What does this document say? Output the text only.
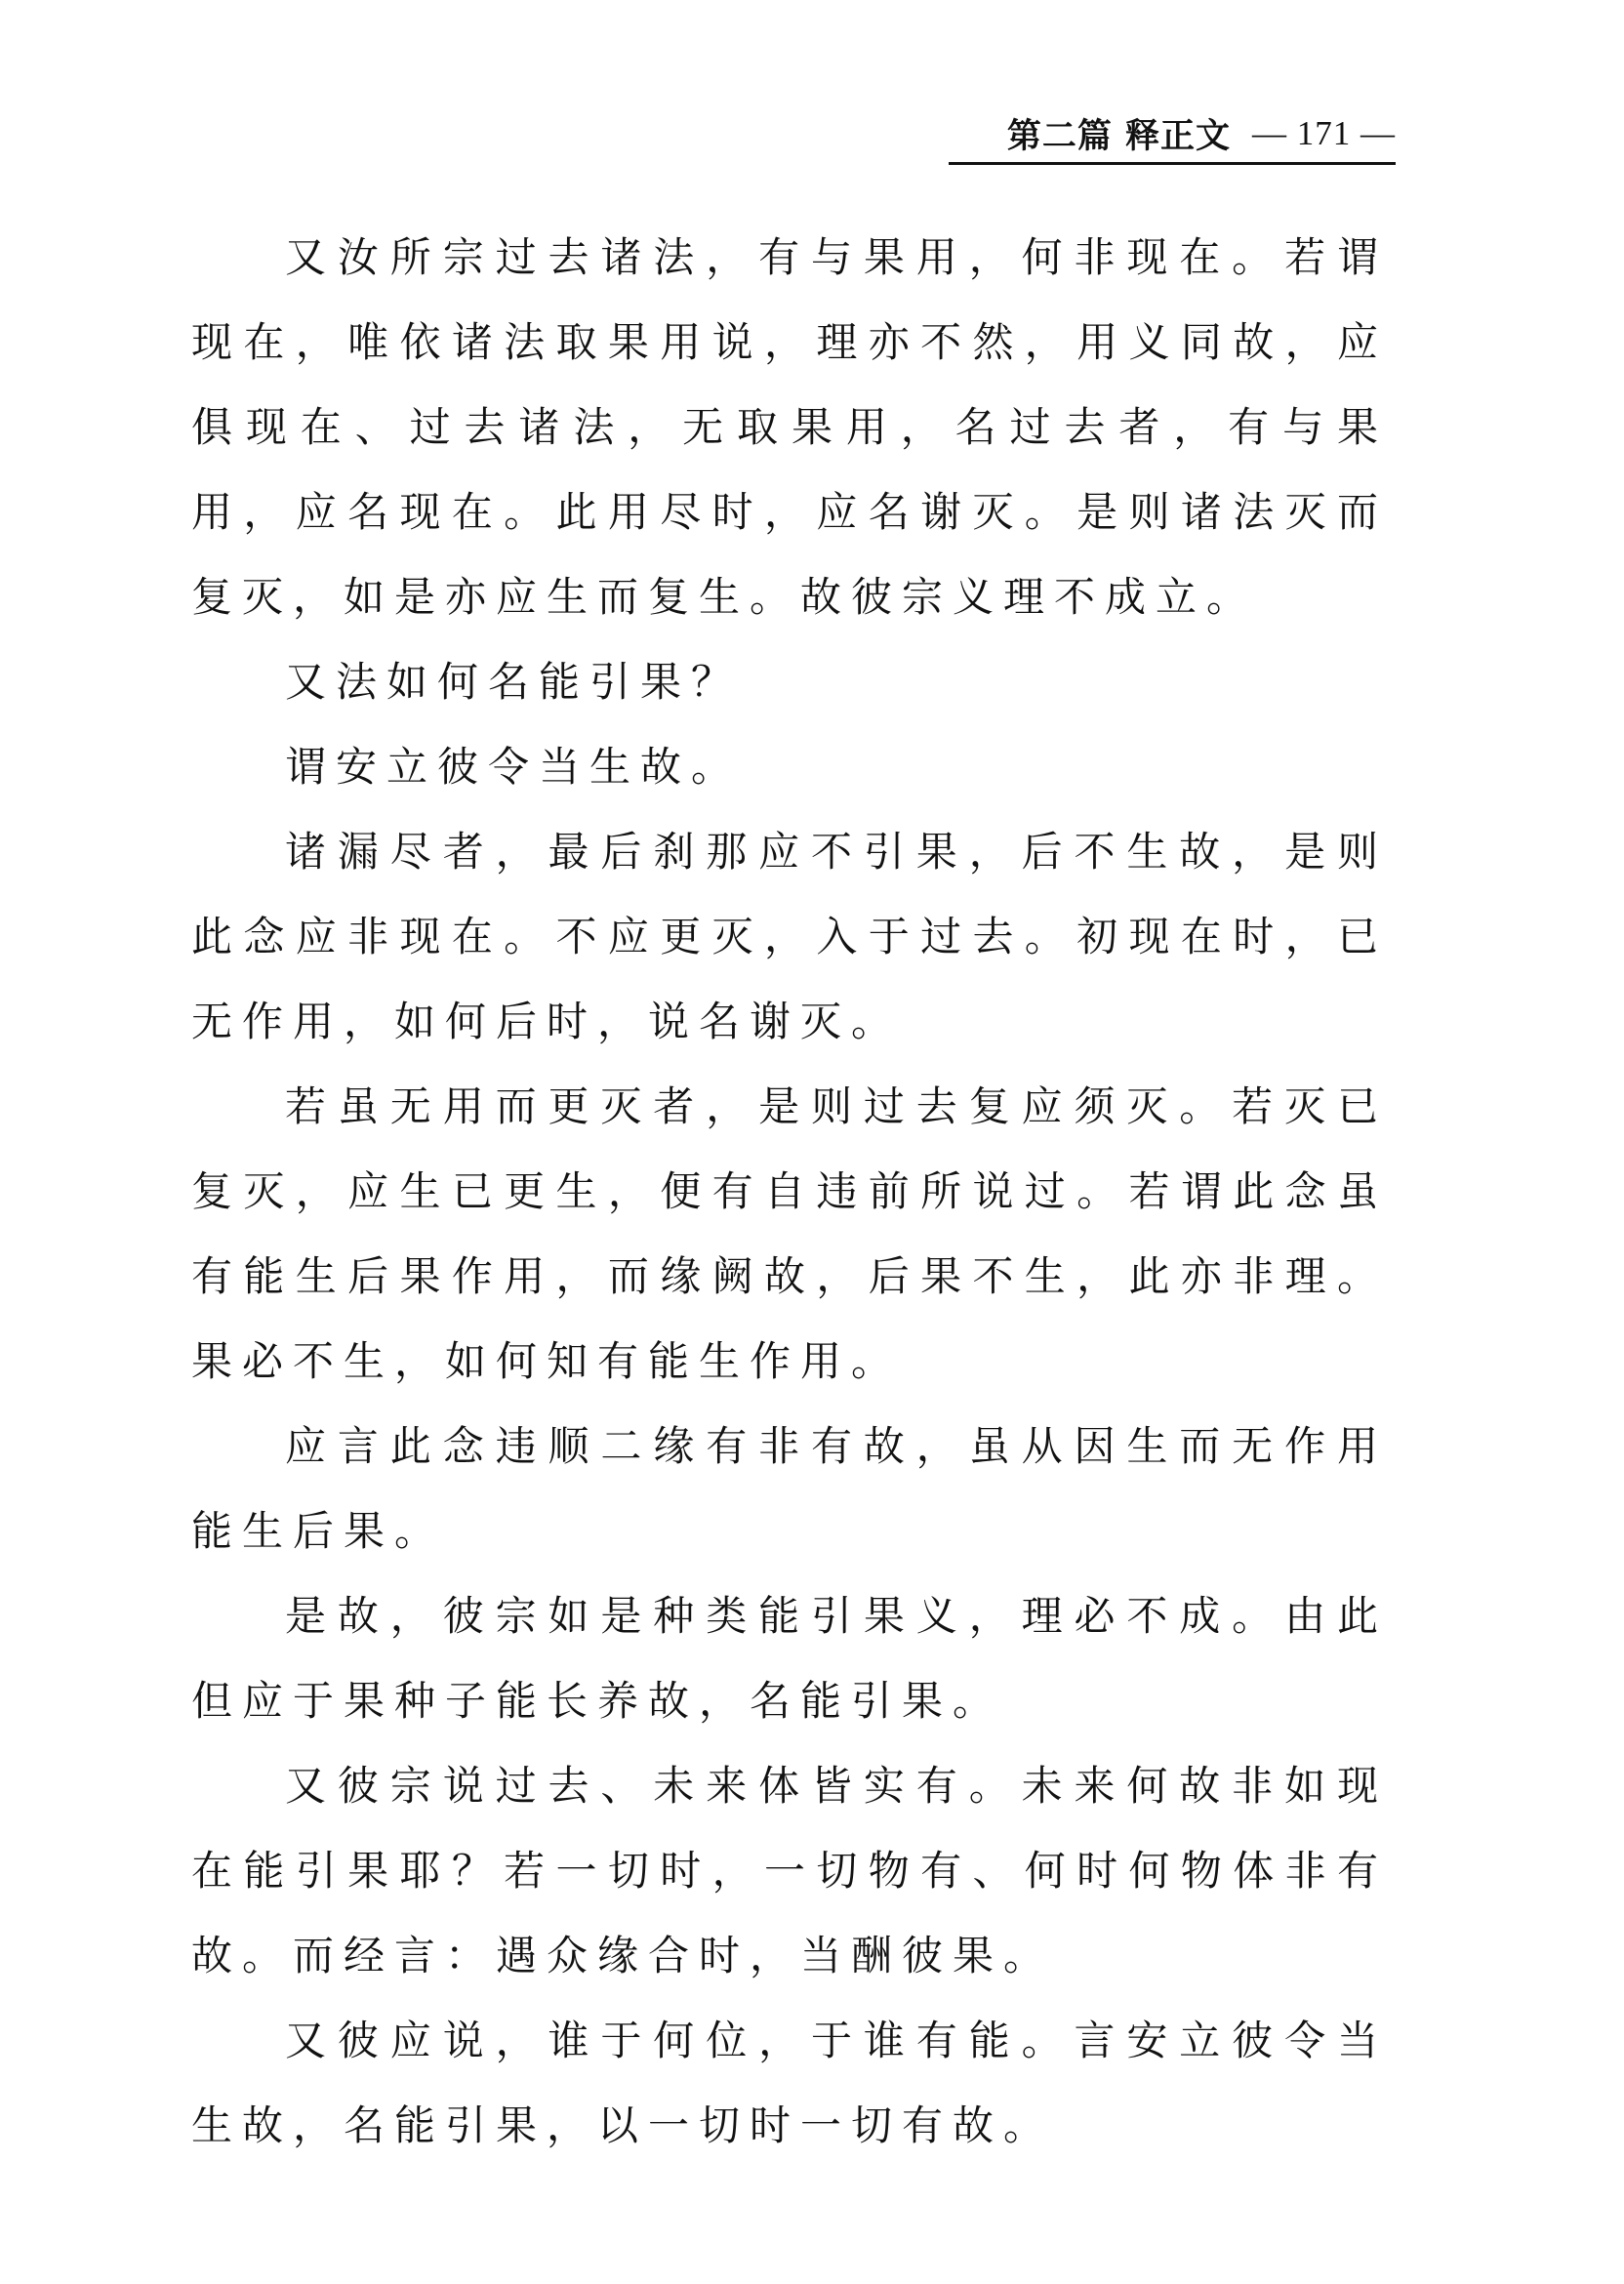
第二篇 释正文 — 171 —

又汝所宗过去诸法，有与果用，何非现在。若谓现在，唯依诸法取果用说，理亦不然，用义同故，应俱现在、过去诸法，无取果用，名过去者，有与果用，应名现在。此用尽时，应名谢灭。是则诸法灭而复灭，如是亦应生而复生。故彼宗义理不成立。

又法如何名能引果？

谓安立彼令当生故。

诸漏尽者，最后刹那应不引果，后不生故，是则此念应非现在。不应更灭，入于过去。初现在时，已无作用，如何后时，说名谢灭。

若虽无用而更灭者，是则过去复应须灭。若灭已复灭，应生已更生，便有自违前所说过。若谓此念虽有能生后果作用，而缘阙故，后果不生，此亦非理。果必不生，如何知有能生作用。

应言此念违顺二缘有非有故，虽从因生而无作用能生后果。

是故，彼宗如是种类能引果义，理必不成。由此但应于果种子能长养故，名能引果。

又彼宗说过去、未来体皆实有。未来何故非如现在能引果耶？若一切时，一切物有、何时何物体非有故。而经言：遇众缘合时，当酬彼果。

又彼应说，谁于何位，于谁有能。言安立彼令当生故，名能引果，以一切时一切有故。
